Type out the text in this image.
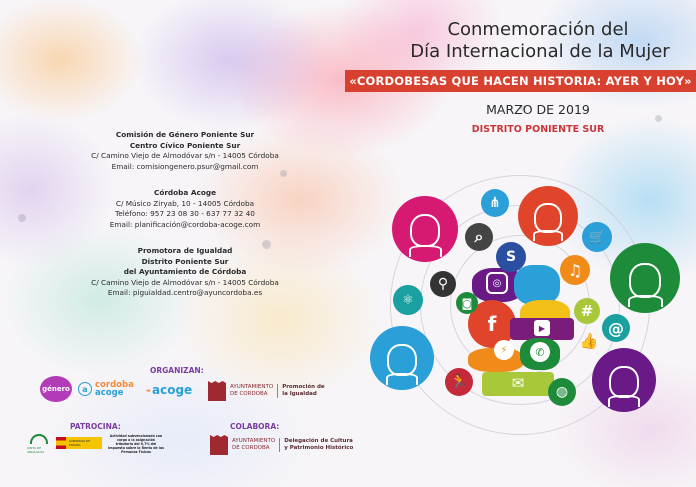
Comisión de Género Poniente Sur
Centro Cívico Poniente Sur
C/ Camino Viejo de Almodóvar s/n - 14005 Córdoba
Email: comisiongenero.psur@gmail.com
Córdoba Acoge
C/ Músico Ziryab, 10 - 14005 Córdoba
Teléfono: 957 23 08 30 - 637 77 32 40
Email: planificación@cordoba-acoge.com
Promotora de Igualdad
Distrito Poniente Sur
del Ayuntamiento de Córdoba
C/ Camino Viejo de Almodóvar s/n - 14005 Córdoba
Email: piguialdad.centro@ayuncordoba.es
ORGANIZAN:
género	a cordoba
acoge	- acoge	AYUNTAMIENTO
DE CORDOBA
Promoción de
la Igualdad
PATROCINA:	COLABORA:
JUNTA DE ANDALUCIA
GOBIERNO DE ESPAÑA
Actividad subvencionada con cargo a la asignación tributaria del 0,7% del Impuesto sobre la Renta de las Personas Físicas
AYUNTAMIENTO
DE CORDOBA
Delegación de Cultura
y Patrimonio Histórico
Conmemoración del
Día Internacional de la Mujer
«CORDOBESAS QUE HACEN HISTORIA: AYER Y HOY»
MARZO DE 2019
DISTRITO PONIENTE SUR
f	▶
⚡	✆
✉
◎
⋔
⌕
S
🛒
♫
⚲
⚛	◙	#
@
👍
🏃
◍
